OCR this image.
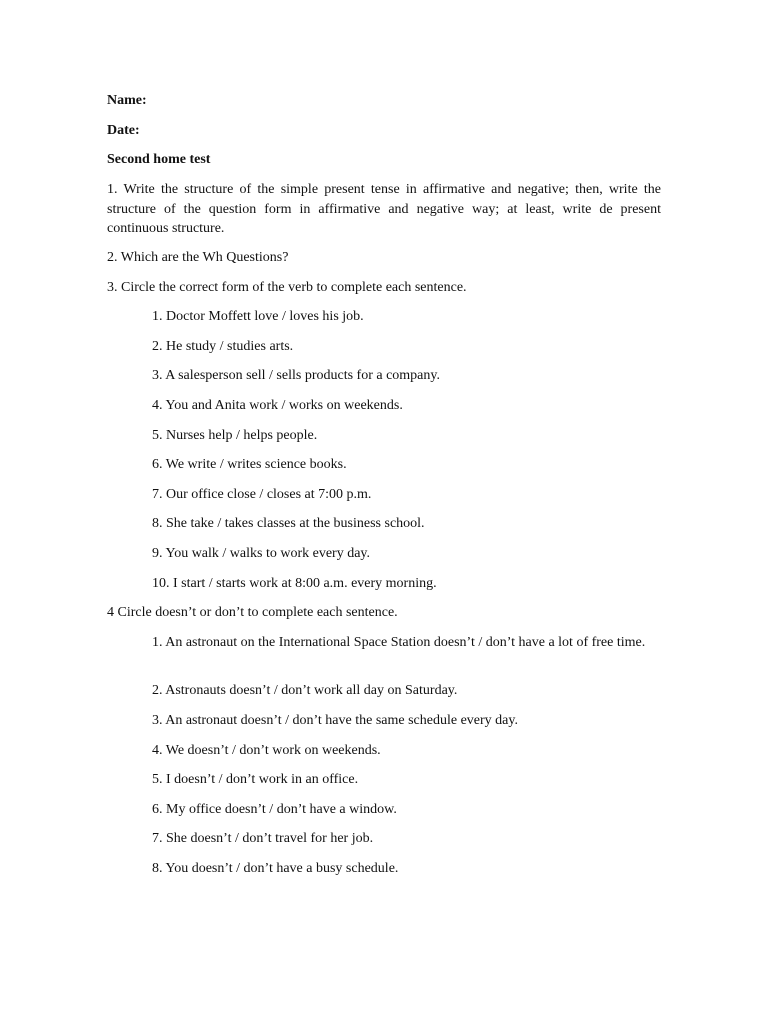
Name:
Date:
Second home test
1. Write the structure of the simple present tense in affirmative and negative; then, write the structure of the question form in affirmative and negative way; at least, write de present continuous structure.
2. Which are the Wh Questions?
3. Circle the correct form of the verb to complete each sentence.
1. Doctor Moffett love / loves his job.
2. He study / studies arts.
3. A salesperson sell / sells products for a company.
4. You and Anita work / works on weekends.
5. Nurses help / helps people.
6. We write / writes science books.
7. Our office close / closes at 7:00 p.m.
8. She take / takes classes at the business school.
9. You walk / walks to work every day.
10. I start / starts work at 8:00 a.m. every morning.
4 Circle doesn’t or don’t to complete each sentence.
1. An astronaut on the International Space Station doesn’t / don’t have a lot of free time.
2. Astronauts doesn’t / don’t work all day on Saturday.
3. An astronaut doesn’t / don’t have the same schedule every day.
4. We doesn’t / don’t work on weekends.
5. I doesn’t / don’t work in an office.
6. My office doesn’t / don’t have a window.
7. She doesn’t / don’t travel for her job.
8. You doesn’t / don’t have a busy schedule.
